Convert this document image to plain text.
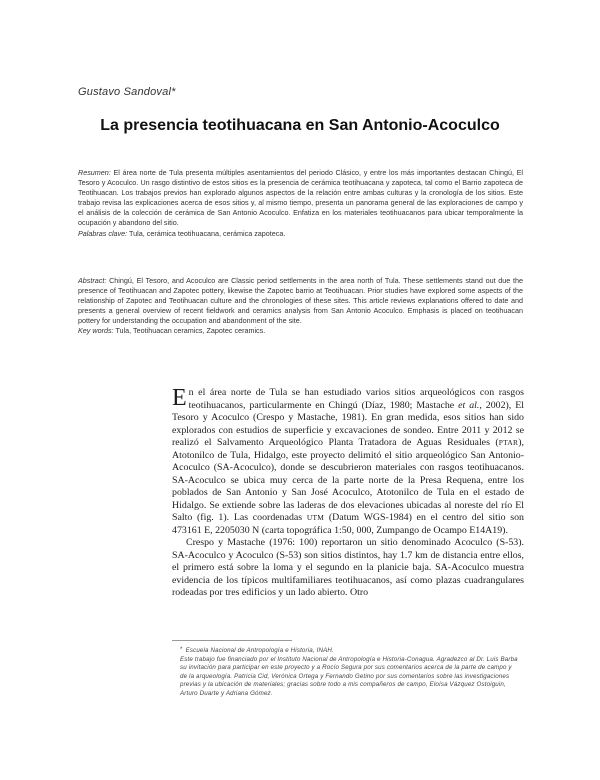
Gustavo Sandoval*
La presencia teotihuacana en San Antonio-Acoculco
Resumen: El área norte de Tula presenta múltiples asentamientos del periodo Clásico, y entre los más importantes destacan Chingú, El Tesoro y Acoculco. Un rasgo distintivo de estos sitios es la presencia de cerámica teotihuacana y zapoteca, tal como el Barrio zapoteca de Teotihuacan. Los trabajos previos han explorado algunos aspectos de la relación entre ambas culturas y la cronología de los sitios. Este trabajo revisa las explicaciones acerca de esos sitios y, al mismo tiempo, presenta un panorama general de las exploraciones de campo y el análisis de la colección de cerámica de San Antonio Acoculco. Enfatiza en los materiales teotihuacanos para ubicar temporalmente la ocupación y abandono del sitio.
Palabras clave: Tula, cerámica teotihuacana, cerámica zapoteca.
Abstract: Chingú, El Tesoro, and Acoculco are Classic period settlements in the area north of Tula. These settlements stand out due the presence of Teotihuacan and Zapotec pottery, likewise the Zapotec barrio at Teotihuacan. Prior studies have explored some aspects of the relationship of Zapotec and Teotihuacan culture and the chronologies of these sites. This article reviews explanations offered to date and presents a general overview of recent fieldwork and ceramics analysis from San Antonio Acoculco. Emphasis is placed on teotihuacan pottery for understanding the occupation and abandonment of the site.
Key words: Tula, Teotihuacan ceramics, Zapotec ceramics.

En el área norte de Tula se han estudiado varios sitios arqueológicos con rasgos teotihuacanos, particularmente en Chingú (Díaz, 1980; Mastache et al., 2002), El Tesoro y Acoculco (Crespo y Mastache, 1981). En gran medida, esos sitios han sido explorados con estudios de superficie y excavaciones de sondeo. Entre 2011 y 2012 se realizó el Salvamento Arqueológico Planta Tratadora de Aguas Residuales (PTAR), Atotonilco de Tula, Hidalgo, este proyecto delimitó el sitio arqueológico San Antonio-Acoculco (SA-Acoculco), donde se descubrieron materiales con rasgos teotihuacanos. SA-Acoculco se ubica muy cerca de la parte norte de la Presa Requena, entre los poblados de San Antonio y San José Acoculco, Atotonilco de Tula en el estado de Hidalgo. Se extiende sobre las laderas de dos elevaciones ubicadas al noreste del río El Salto (fig. 1). Las coordenadas UTM (Datum WGS-1984) en el centro del sitio son 473161 E, 2205030 N (carta topográfica 1:50, 000, Zumpango de Ocampo E14A19).

Crespo y Mastache (1976: 100) reportaron un sitio denominado Acoculco (S-53). SA-Acoculco y Acoculco (S-53) son sitios distintos, hay 1.7 km de distancia entre ellos, el primero está sobre la loma y el segundo en la planicie baja. SA-Acoculco muestra evidencia de los típicos multifamiliares teotihuacanos, así como plazas cuadrangulares rodeadas por tres edificios y un lado abierto. Otro

* Escuela Nacional de Antropología e Historia, INAH.
Este trabajo fue financiado por el Instituto Nacional de Antropología e Historia-Conagua. Agradezco al Dr. Luis Barba su invitación para participar en este proyecto y a Rocío Segura por sus comentarios acerca de la parte de campo y de la arqueología. Patricia Cid, Verónica Ortega y Fernando Getino por sus comentarios sobre las investigaciones previas y la ubicación de materiales; gracias sobre todo a mis compañeros de campo, Eloísa Vázquez Ostoiguin, Arturo Duarte y Adriana Gómez.
